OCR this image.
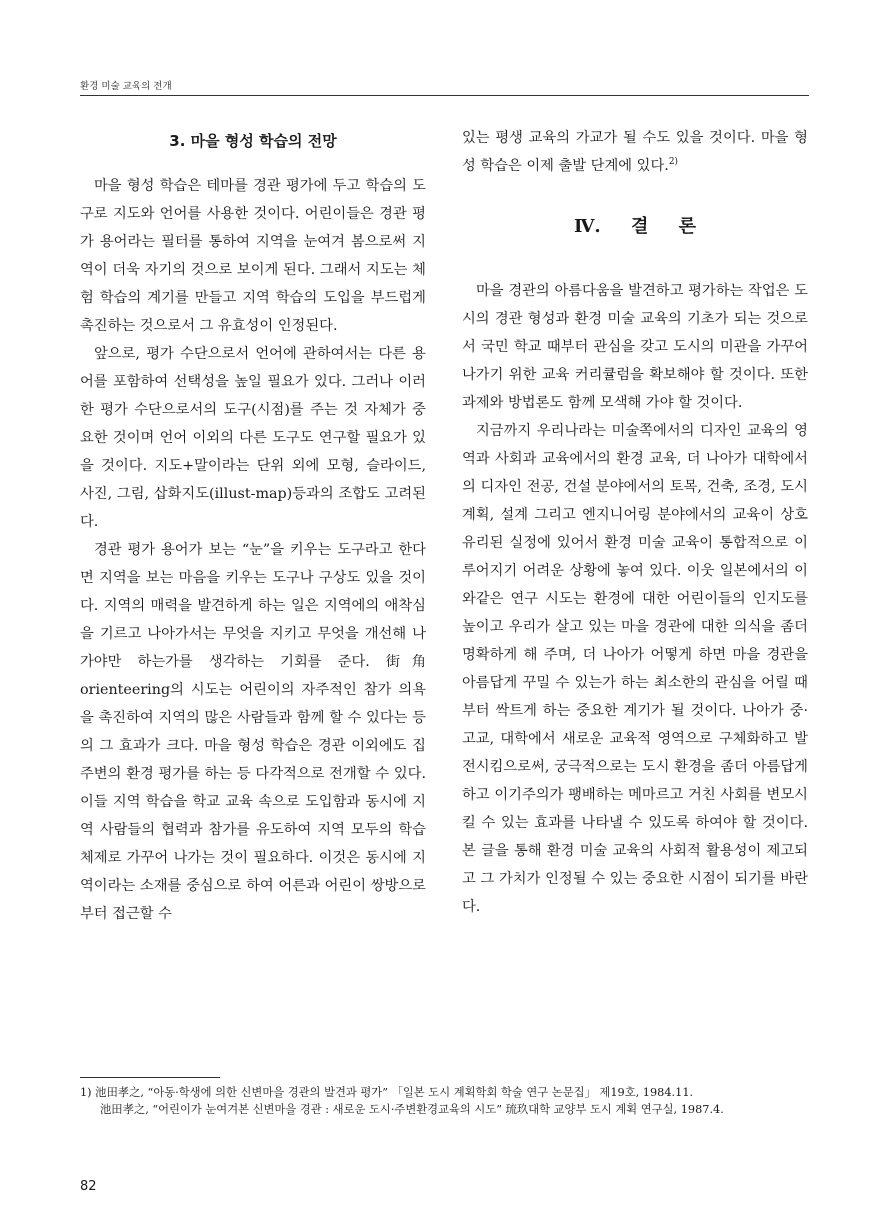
환경 미술 교육의 전개
3. 마을 형성 학습의 전망

마을 형성 학습은 테마를 경관 평가에 두고 학습의 도구로 지도와 언어를 사용한 것이다. 어린이들은 경관 평가 용어라는 필터를 통하여 지역을 눈여겨 봄으로써 지역이 더욱 자기의 것으로 보이게 된다. 그래서 지도는 체험 학습의 계기를 만들고 지역 학습의 도입을 부드럽게 촉진하는 것으로서 그 유효성이 인정된다.

앞으로, 평가 수단으로서 언어에 관하여서는 다른 용어를 포함하여 선택성을 높일 필요가 있다. 그러나 이러한 평가 수단으로서의 도구(시점)를 주는 것 자체가 중요한 것이며 언어 이외의 다른 도구도 연구할 필요가 있을 것이다. 지도+말이라는 단위 외에 모형, 슬라이드, 사진, 그림, 삽화지도(illust-map)등과의 조합도 고려된다.

경관 평가 용어가 보는 “눈”을 키우는 도구라고 한다면 지역을 보는 마음을 키우는 도구나 구상도 있을 것이다. 지역의 매력을 발견하게 하는 일은 지역에의 애착심을 기르고 나아가서는 무엇을 지키고 무엇을 개선해 나가야만 하는가를 생각하는 기회를 준다. 街角 orienteering의 시도는 어린이의 자주적인 참가 의욕을 촉진하여 지역의 많은 사람들과 함께 할 수 있다는 등의 그 효과가 크다. 마을 형성 학습은 경관 이외에도 집 주변의 환경 평가를 하는 등 다각적으로 전개할 수 있다. 이들 지역 학습을 학교 교육 속으로 도입함과 동시에 지역 사람들의 협력과 참가를 유도하여 지역 모두의 학습 체제로 가꾸어 나가는 것이 필요하다. 이것은 동시에 지역이라는 소재를 중심으로 하여 어른과 어린이 쌍방으로부터 접근할 수

있는 평생 교육의 가교가 될 수도 있을 것이다. 마을 형성 학습은 이제 출발 단계에 있다.$^{2)}$

Ⅳ. 결 론

마을 경관의 아름다움을 발견하고 평가하는 작업은 도시의 경관 형성과 환경 미술 교육의 기초가 되는 것으로서 국민 학교 때부터 관심을 갖고 도시의 미관을 가꾸어 나가기 위한 교육 커리큘럼을 확보해야 할 것이다. 또한 과제와 방법론도 함께 모색해 가야 할 것이다.

지금까지 우리나라는 미술쪽에서의 디자인 교육의 영역과 사회과 교육에서의 환경 교육, 더 나아가 대학에서의 디자인 전공, 건설 분야에서의 토목, 건축, 조경, 도시 계획, 설계 그리고 엔지니어링 분야에서의 교육이 상호 유리된 실정에 있어서 환경 미술 교육이 통합적으로 이루어지기 어려운 상황에 놓여 있다. 이웃 일본에서의 이와같은 연구 시도는 환경에 대한 어린이들의 인지도를 높이고 우리가 살고 있는 마을 경관에 대한 의식을 좀더 명확하게 해 주며, 더 나아가 어떻게 하면 마을 경관을 아름답게 꾸밀 수 있는가 하는 최소한의 관심을 어릴 때부터 싹트게 하는 중요한 계기가 될 것이다. 나아가 중·고교, 대학에서 새로운 교육적 영역으로 구체화하고 발전시킴으로써, 궁극적으로는 도시 환경을 좀더 아름답게 하고 이기주의가 팽배하는 메마르고 거친 사회를 변모시킬 수 있는 효과를 나타낼 수 있도록 하여야 할 것이다. 본 글을 통해 환경 미술 교육의 사회적 활용성이 제고되고 그 가치가 인정될 수 있는 중요한 시점이 되기를 바란다.

1) 池田孝之, “아동·학생에 의한 신변마을 경관의 발견과 평가” 「일본 도시 계획학회 학술 연구 논문집」 제19호, 1984.11.
池田孝之, “어린이가 눈여겨본 신변마을 경관 : 새로운 도시·주변환경교육의 시도” 琉玖대학 교양부 도시 계획 연구실, 1987.4.
82
